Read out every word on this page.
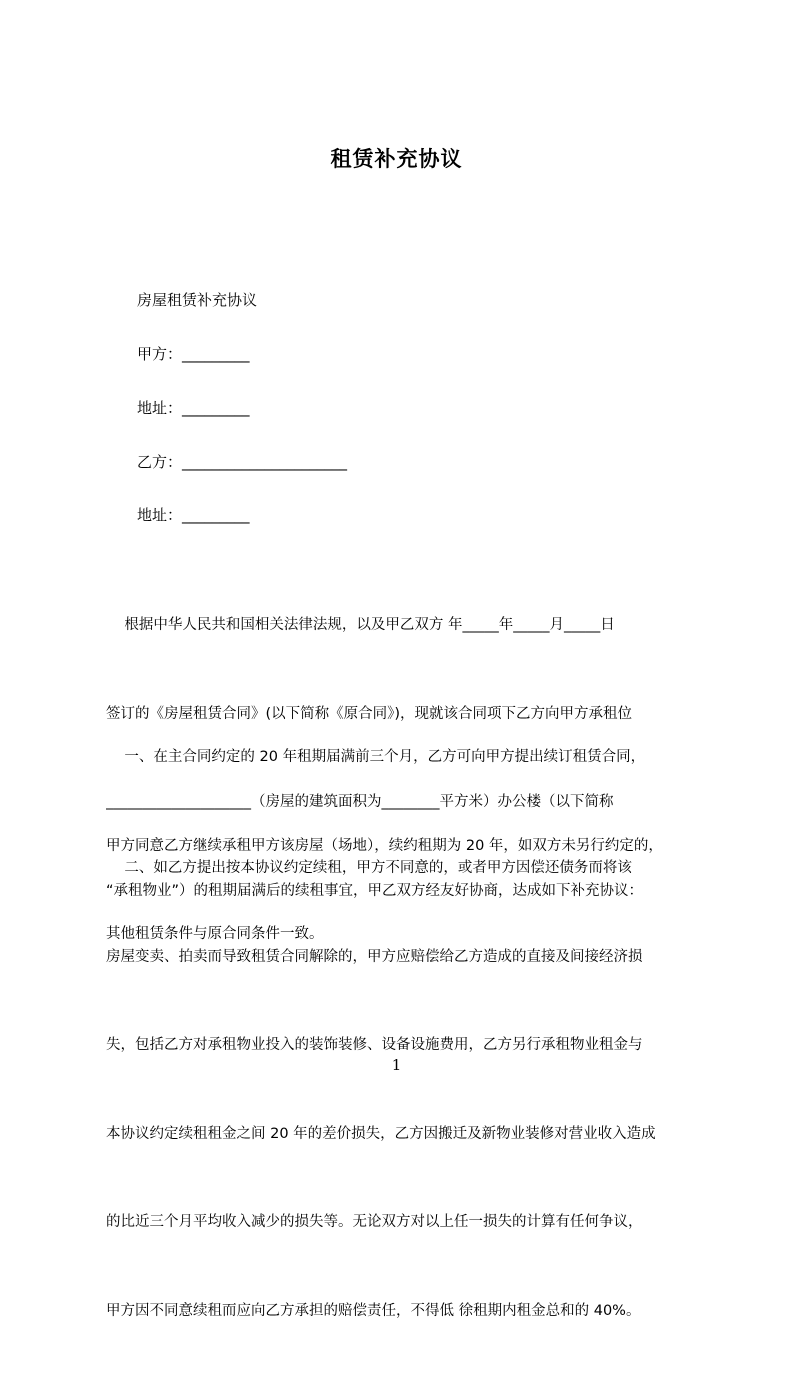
租赁补充协议
房屋租赁补充协议
甲方：_________
地址：_________
乙方：______________________
地址：_________

根据中华人民共和国相关法律法规，以及甲乙双方 年_____年_____月_____日

签订的《房屋租赁合同》(以下简称《原合同》)，现就该合同项下乙方向甲方承租位

____________________（房屋的建筑面积为________平方米）办公楼（以下简称

“承租物业”）的租期届满后的续租事宜，甲乙双方经友好协商，达成如下补充协议：

一、在主合同约定的 20 年租期届满前三个月，乙方可向甲方提出续订租赁合同，

甲方同意乙方继续承租甲方该房屋（场地），续约租期为 20 年，如双方未另行约定的，

其他租赁条件与原合同条件一致。

二、如乙方提出按本协议约定续租，甲方不同意的，或者甲方因偿还债务而将该

房屋变卖、拍卖而导致租赁合同解除的，甲方应赔偿给乙方造成的直接及间接经济损

失，包括乙方对承租物业投入的装饰装修、设备设施费用，乙方另行承租物业租金与

本协议约定续租租金之间 20 年的差价损失，乙方因搬迁及新物业装修对营业收入造成

的比近三个月平均收入减少的损失等。无论双方对以上任一损失的计算有任何争议，

甲方因不同意续租而应向乙方承担的赔偿责任，不得低 徐租期内租金总和的 40%。

1
